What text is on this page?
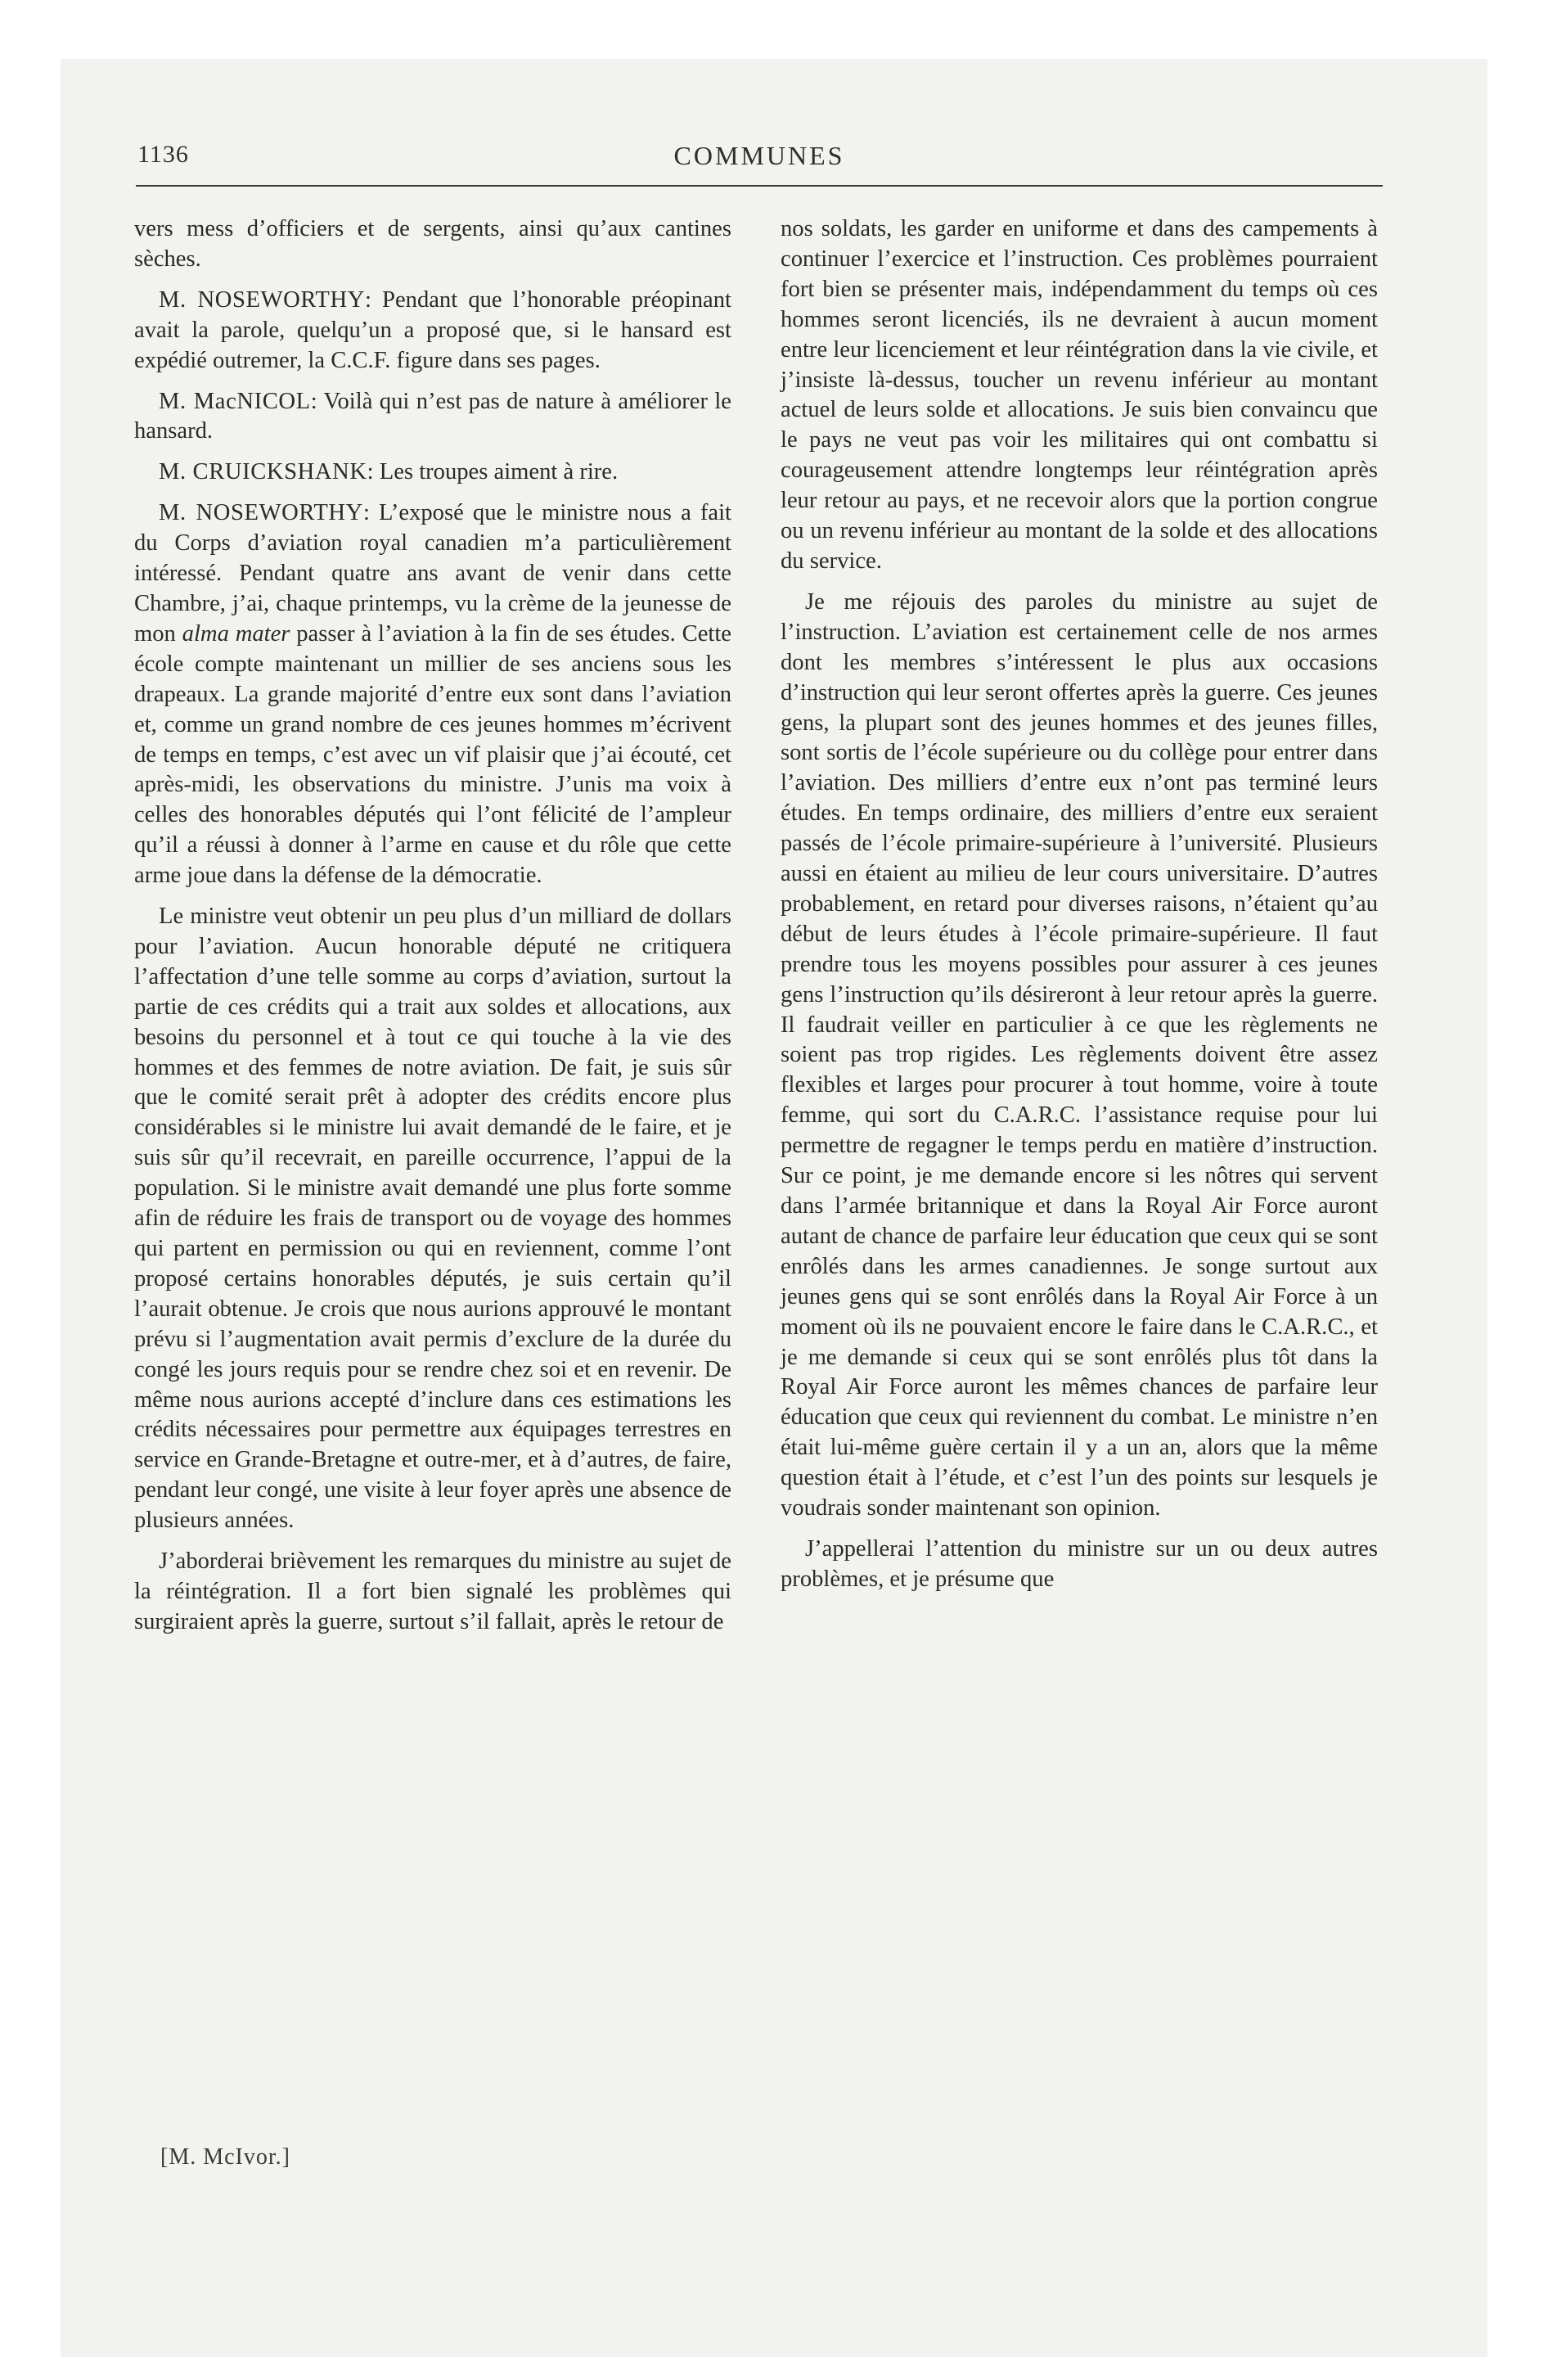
1136	COMMUNES

vers mess d’officiers et de sergents, ainsi qu’aux cantines sèches.

M. NOSEWORTHY: Pendant que l’honorable préopinant avait la parole, quelqu’un a proposé que, si le hansard est expédié outremer, la C.C.F. figure dans ses pages.

M. MacNICOL: Voilà qui n’est pas de nature à améliorer le hansard.

M. CRUICKSHANK: Les troupes aiment à rire.

M. NOSEWORTHY: L’exposé que le ministre nous a fait du Corps d’aviation royal canadien m’a particulièrement intéressé. Pendant quatre ans avant de venir dans cette Chambre, j’ai, chaque printemps, vu la crème de la jeunesse de mon alma mater passer à l’aviation à la fin de ses études. Cette école compte maintenant un millier de ses anciens sous les drapeaux. La grande majorité d’entre eux sont dans l’aviation et, comme un grand nombre de ces jeunes hommes m’écrivent de temps en temps, c’est avec un vif plaisir que j’ai écouté, cet après-midi, les observations du ministre. J’unis ma voix à celles des honorables députés qui l’ont félicité de l’ampleur qu’il a réussi à donner à l’arme en cause et du rôle que cette arme joue dans la défense de la démocratie.

Le ministre veut obtenir un peu plus d’un milliard de dollars pour l’aviation. Aucun honorable député ne critiquera l’affectation d’une telle somme au corps d’aviation, surtout la partie de ces crédits qui a trait aux soldes et allocations, aux besoins du personnel et à tout ce qui touche à la vie des hommes et des femmes de notre aviation. De fait, je suis sûr que le comité serait prêt à adopter des crédits encore plus considérables si le ministre lui avait demandé de le faire, et je suis sûr qu’il recevrait, en pareille occurrence, l’appui de la population. Si le ministre avait demandé une plus forte somme afin de réduire les frais de transport ou de voyage des hommes qui partent en permission ou qui en reviennent, comme l’ont proposé certains honorables députés, je suis certain qu’il l’aurait obtenue. Je crois que nous aurions approuvé le montant prévu si l’augmentation avait permis d’exclure de la durée du congé les jours requis pour se rendre chez soi et en revenir. De même nous aurions accepté d’inclure dans ces estimations les crédits nécessaires pour permettre aux équipages terrestres en service en Grande-Bretagne et outre-mer, et à d’autres, de faire, pendant leur congé, une visite à leur foyer après une absence de plusieurs années.

J’aborderai brièvement les remarques du ministre au sujet de la réintégration. Il a fort bien signalé les problèmes qui surgiraient après la guerre, surtout s’il fallait, après le retour de

[M. McIvor.]

nos soldats, les garder en uniforme et dans des campements à continuer l’exercice et l’instruction. Ces problèmes pourraient fort bien se présenter mais, indépendamment du temps où ces hommes seront licenciés, ils ne devraient à aucun moment entre leur licenciement et leur réintégration dans la vie civile, et j’insiste là-dessus, toucher un revenu inférieur au montant actuel de leurs solde et allocations. Je suis bien convaincu que le pays ne veut pas voir les militaires qui ont combattu si courageusement attendre longtemps leur réintégration après leur retour au pays, et ne recevoir alors que la portion congrue ou un revenu inférieur au montant de la solde et des allocations du service.

Je me réjouis des paroles du ministre au sujet de l’instruction. L’aviation est certainement celle de nos armes dont les membres s’intéressent le plus aux occasions d’instruction qui leur seront offertes après la guerre. Ces jeunes gens, la plupart sont des jeunes hommes et des jeunes filles, sont sortis de l’école supérieure ou du collège pour entrer dans l’aviation. Des milliers d’entre eux n’ont pas terminé leurs études. En temps ordinaire, des milliers d’entre eux seraient passés de l’école primaire-supérieure à l’université. Plusieurs aussi en étaient au milieu de leur cours universitaire. D’autres probablement, en retard pour diverses raisons, n’étaient qu’au début de leurs études à l’école primaire-supérieure. Il faut prendre tous les moyens possibles pour assurer à ces jeunes gens l’instruction qu’ils désireront à leur retour après la guerre. Il faudrait veiller en particulier à ce que les règlements ne soient pas trop rigides. Les règlements doivent être assez flexibles et larges pour procurer à tout homme, voire à toute femme, qui sort du C.A.R.C. l’assistance requise pour lui permettre de regagner le temps perdu en matière d’instruction. Sur ce point, je me demande encore si les nôtres qui servent dans l’armée britannique et dans la Royal Air Force auront autant de chance de parfaire leur éducation que ceux qui se sont enrôlés dans les armes canadiennes. Je songe surtout aux jeunes gens qui se sont enrôlés dans la Royal Air Force à un moment où ils ne pouvaient encore le faire dans le C.A.R.C., et je me demande si ceux qui se sont enrôlés plus tôt dans la Royal Air Force auront les mêmes chances de parfaire leur éducation que ceux qui reviennent du combat. Le ministre n’en était lui-même guère certain il y a un an, alors que la même question était à l’étude, et c’est l’un des points sur lesquels je voudrais sonder maintenant son opinion.

J’appellerai l’attention du ministre sur un ou deux autres problèmes, et je présume que
